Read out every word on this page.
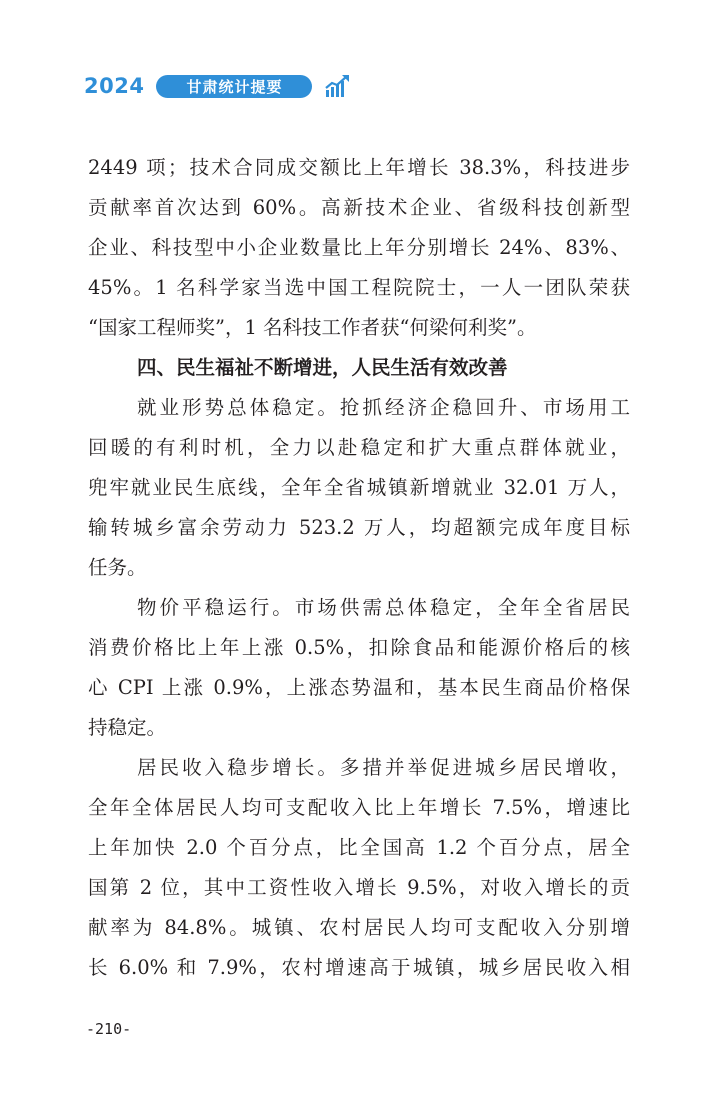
2024	甘肃统计提要
2449 项；技术合同成交额比上年增长 38.3%，科技进步
贡献率首次达到 60%。高新技术企业、省级科技创新型
企业、科技型中小企业数量比上年分别增长 24%、83%、
45%。1 名科学家当选中国工程院院士，一人一团队荣获
“国家工程师奖”，1 名科技工作者获“何梁何利奖”。
四、民生福祉不断增进，人民生活有效改善
就业形势总体稳定。抢抓经济企稳回升、市场用工
回暖的有利时机，全力以赴稳定和扩大重点群体就业，
兜牢就业民生底线，全年全省城镇新增就业 32.01 万人，
输转城乡富余劳动力 523.2 万人，均超额完成年度目标
任务。
物价平稳运行。市场供需总体稳定，全年全省居民
消费价格比上年上涨 0.5%，扣除食品和能源价格后的核
心 CPI 上涨 0.9%，上涨态势温和，基本民生商品价格保
持稳定。
居民收入稳步增长。多措并举促进城乡居民增收，
全年全体居民人均可支配收入比上年增长 7.5%，增速比
上年加快 2.0 个百分点，比全国高 1.2 个百分点，居全
国第 2 位，其中工资性收入增长 9.5%，对收入增长的贡
献率为 84.8%。城镇、农村居民人均可支配收入分别增
长 6.0% 和 7.9%，农村增速高于城镇，城乡居民收入相
-210-
